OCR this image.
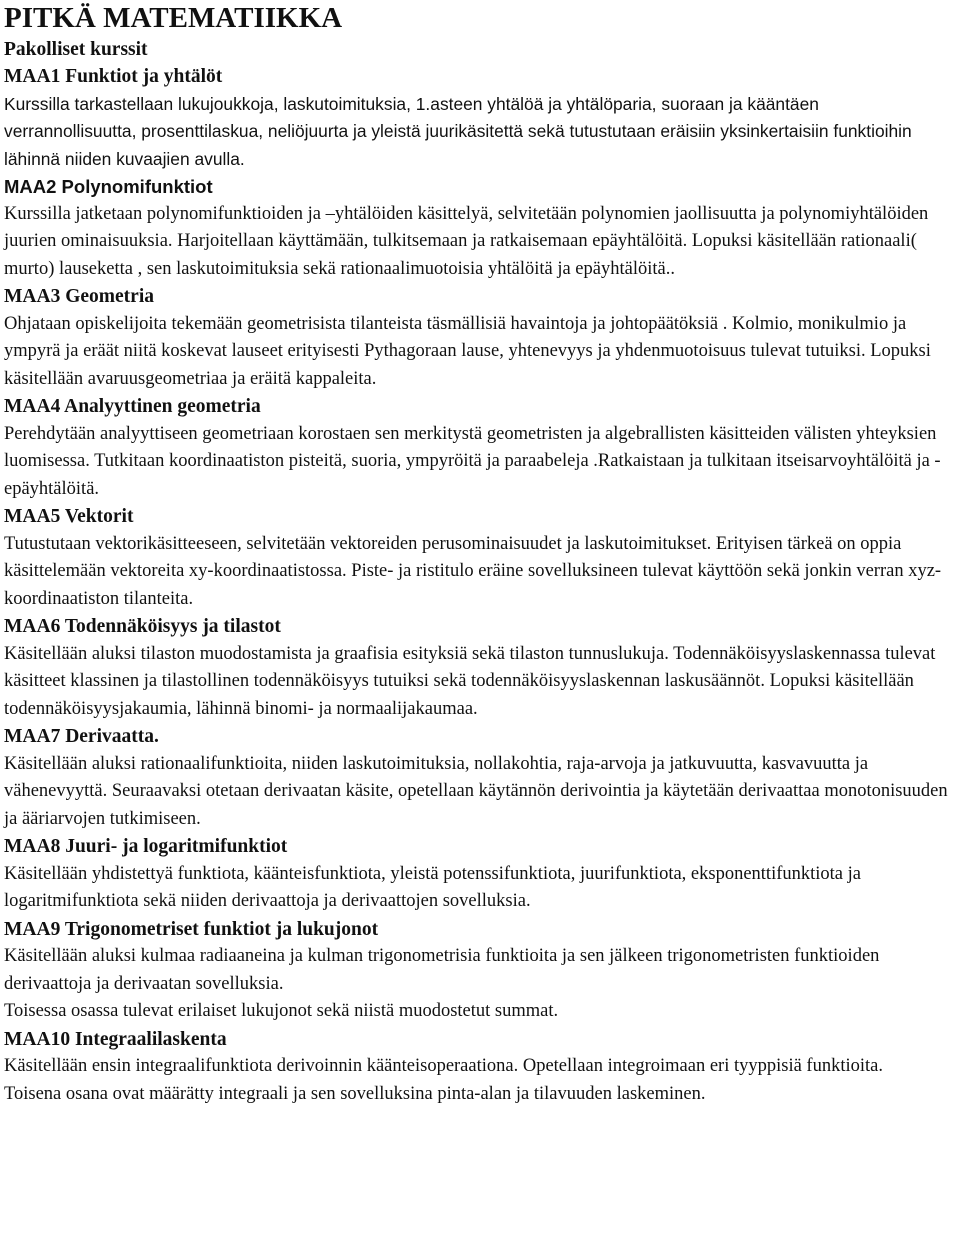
PITKÄ MATEMATIIKKA
Pakolliset kurssit
MAA1 Funktiot ja yhtälöt

Kurssilla tarkastellaan lukujoukkoja, laskutoimituksia, 1.asteen yhtälöä ja yhtälöparia, suoraan ja kääntäen verrannollisuutta, prosenttilaskua, neliöjuurta ja yleistä juurikäsitettä sekä tutustutaan eräisiin yksinkertaisiin funktioihin lähinnä niiden kuvaajien avulla.

MAA2 Polynomifunktiot

Kurssilla jatketaan polynomifunktioiden ja –yhtälöiden käsittelyä, selvitetään polynomien jaollisuutta ja polynomiyhtälöiden juurien ominaisuuksia. Harjoitellaan käyttämään, tulkitsemaan ja ratkaisemaan epäyhtälöitä. Lopuksi käsitellään rationaali( murto) lauseketta , sen laskutoimituksia sekä rationaalimuotoisia yhtälöitä ja epäyhtälöitä..

MAA3 Geometria

Ohjataan opiskelijoita tekemään geometrisista tilanteista täsmällisiä havaintoja ja johtopäätöksiä . Kolmio, monikulmio ja ympyrä ja eräät niitä koskevat lauseet erityisesti Pythagoraan lause, yhtenevyys ja yhdenmuotoisuus tulevat tutuiksi. Lopuksi käsitellään avaruusgeometriaa ja eräitä kappaleita.

MAA4 Analyyttinen geometria

Perehdytään analyyttiseen geometriaan korostaen sen merkitystä geometristen ja algebrallisten käsitteiden välisten yhteyksien luomisessa. Tutkitaan koordinaatiston pisteitä, suoria, ympyröitä ja paraabeleja .Ratkaistaan ja tulkitaan itseisarvoyhtälöitä ja -epäyhtälöitä.

MAA5 Vektorit

Tutustutaan vektorikäsitteeseen, selvitetään vektoreiden perusominaisuudet ja laskutoimitukset. Erityisen tärkeä on oppia käsittelemään vektoreita xy-koordinaatistossa. Piste- ja ristitulo eräine sovelluksineen tulevat käyttöön sekä jonkin verran xyz-koordinaatiston tilanteita.

MAA6 Todennäköisyys ja tilastot

Käsitellään aluksi tilaston muodostamista ja graafisia esityksiä sekä tilaston tunnuslukuja. Todennäköisyyslaskennassa tulevat käsitteet klassinen ja tilastollinen todennäköisyys tutuiksi sekä todennäköisyyslaskennan laskusäännöt. Lopuksi käsitellään todennäköisyysjakaumia, lähinnä binomi- ja normaalijakaumaa.

MAA7 Derivaatta.

Käsitellään aluksi rationaalifunktioita, niiden laskutoimituksia, nollakohtia, raja-arvoja ja jatkuvuutta, kasvavuutta ja vähenevyyttä. Seuraavaksi otetaan derivaatan käsite, opetellaan käytännön derivointia ja käytetään derivaattaa monotonisuuden ja ääriarvojen tutkimiseen.

MAA8 Juuri- ja logaritmifunktiot

Käsitellään yhdistettyä funktiota, käänteisfunktiota, yleistä potenssifunktiota, juurifunktiota, eksponenttifunktiota ja logaritmifunktiota sekä niiden derivaattoja ja derivaattojen sovelluksia.

MAA9 Trigonometriset funktiot ja lukujonot

Käsitellään aluksi kulmaa radiaaneina ja kulman trigonometrisia funktioita ja sen jälkeen trigonometristen funktioiden derivaattoja ja derivaatan sovelluksia.

Toisessa osassa tulevat erilaiset lukujonot sekä niistä muodostetut summat.

MAA10 Integraalilaskenta

Käsitellään ensin integraalifunktiota derivoinnin käänteisoperaationa. Opetellaan integroimaan eri tyyppisiä funktioita.

Toisena osana ovat määrätty integraali ja sen sovelluksina pinta-alan ja tilavuuden laskeminen.
